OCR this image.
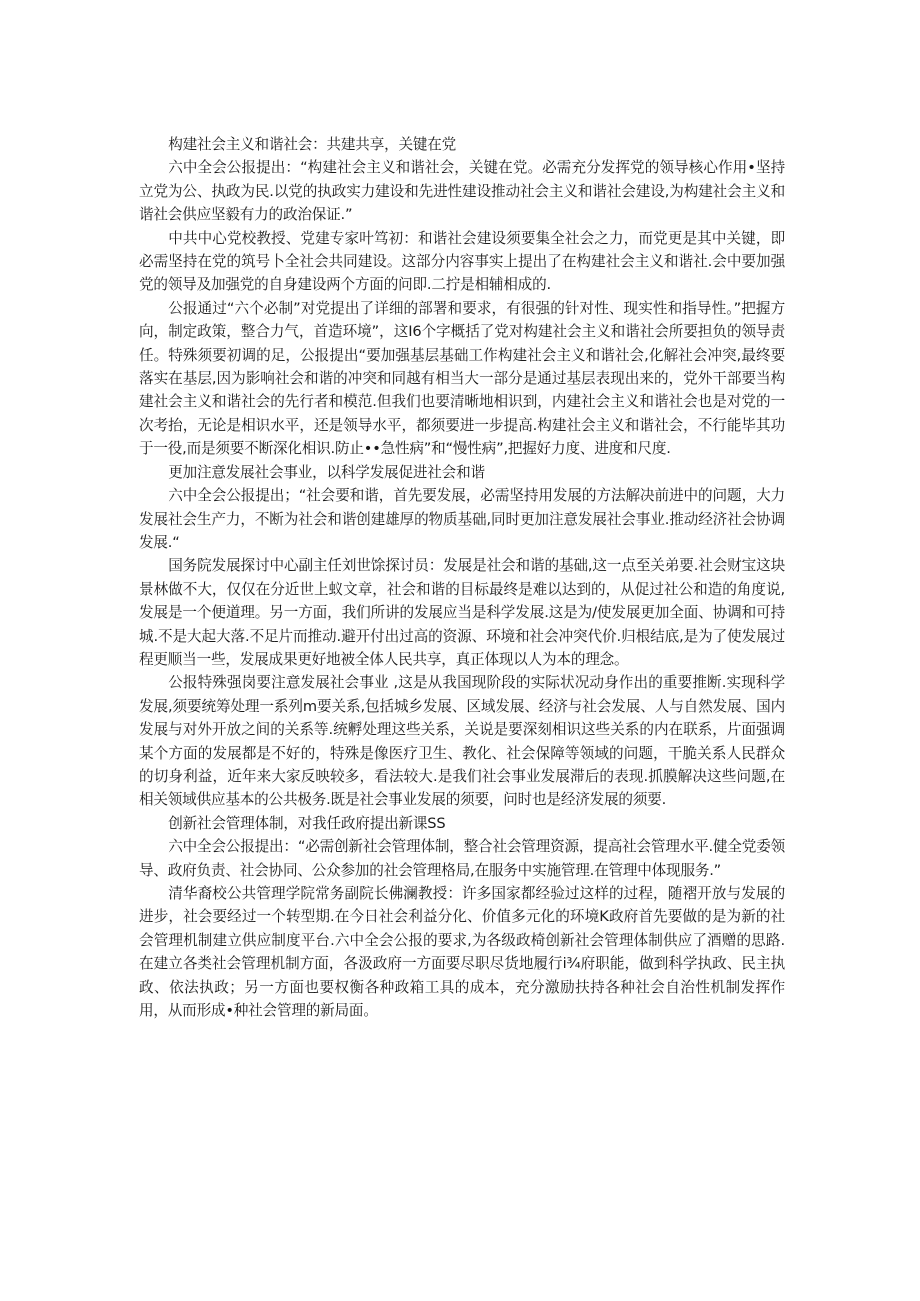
构建社会主义和谐社会：共建共享，关键在党

六中全会公报提出：“构建社会主义和谐社会，关键在党。必需充分发挥党的领导核心作用•坚持立党为公、执政为民.以党的执政实力建设和先进性建设推动社会主义和谐社会建设,为构建社会主义和谐社会供应坚毅有力的政治保证.”

中共中心党校教授、党建专家叶笃初：和谐社会建设须要集全社会之力，而党更是其中关键，即必需坚持在党的筑号卜全社会共同建设。这部分内容事实上提出了在构建社会主义和谐社.会中要加强党的领导及加强党的自身建设两个方面的问即.二拧是相辅相成的.

公报通过“六个必制”对党提出了详细的部署和要求，有很强的针对性、现实性和指导性。”把握方向，制定政策，整合力气，首造环境”，这I6个字概括了党对构建社会主义和谐社会所要担负的领导责任。特殊须要初调的足，公报提出“要加强基层基础工作构建社会主义和谐社会,化解社会冲突,最终要落实在基层,因为影响社会和谐的冲突和同越有相当大一部分是通过基层表现出来的，党外干部要当构建社会主义和谐社会的先行者和模范.但我们也要清晰地相识到，内建社会主义和谐社会也是对党的一次考抬，无论是相识水平，还是领导水平，都须要进一步提高.构建社会主义和谐社会，不行能毕其功于一役,而是须要不断深化相识.防止••急性病”和“慢性病”,把握好力度、进度和尺度.

更加注意发展社会事业，以科学发展促进社会和谐

六中全会公报提出；“社会要和谐，首先要发展，必需坚持用发展的方法解决前进中的问题，大力发展社会生产力，不断为社会和谐创建雄厚的物质基础,同时更加注意发展社会事业.推动经济社会协调发展.“

国务院发展探讨中心副主任刘世馀探讨员：发展是社会和谐的基础,这一点至关弟要.社会财宝这块景林做不大，仅仅在分近世上蚁文章，社会和谐的目标最终是难以达到的，从促过社公和造的角度说,发展是一个便道理。另一方面，我们所讲的发展应当是科学发展.这是为/使发展更加全面、协调和可持城.不是大起大落.不足片而推动.避开付出过高的资源、环境和社会冲突代价.归根结底,是为了使发展过程更顺当一些，发展成果更好地被全体人民共享，真正体现以人为本的理念。

公报特殊强岗要注意发展社会事业 ,这是从我国现阶段的实际状况动身作出的重要推断.实现科学发展,须要统筹处理一系列m要关系,包括城乡发展、区域发展、经济与社会发展、人与自然发展、国内发展与对外开放之间的关系等.统孵处理这些关系，关说是要深刻相识这些关系的内在联系，片面强调某个方面的发展都是不好的，特殊是像医疗卫生、教化、社会保障等领域的问题，干脆关系人民群众的切身利益，近年来大家反映较多，看法较大.是我们社会事业发展滞后的表现.抓膜解决这些问题,在相关领域供应基本的公共极务.既是社会事业发展的须要，问时也是经济发展的须要.

创新社会管理体制，对我任政府提出新课SS

六中全会公报提出：“必需创新社会管理体制，整合社会管理资源，提高社会管理水平.健全党委领导、政府负责、社会协同、公众参加的社会管理格局,在服务中实施管理.在管理中体现服务.”

清华裔校公共管理学院常务副院长佛澜教授：许多国家都经验过这样的过程，随褶开放与发展的进步，社会要经过一个转型期.在今日社会利益分化、价值多元化的环境K政府首先要做的是为新的社会管理机制建立供应制度平台.六中全会公报的要求,为各级政椅创新社会管理体制供应了酒赠的思路.在建立各类社会管理机制方面，各汲政府一方面要尽职尽货地履行i¾府职能，做到科学执政、民主执政、依法执政；另一方面也要权衡各种政箱工具的成本，充分激励扶持各种社会自治性机制发挥作用，从而形成•种社会管理的新局面。
